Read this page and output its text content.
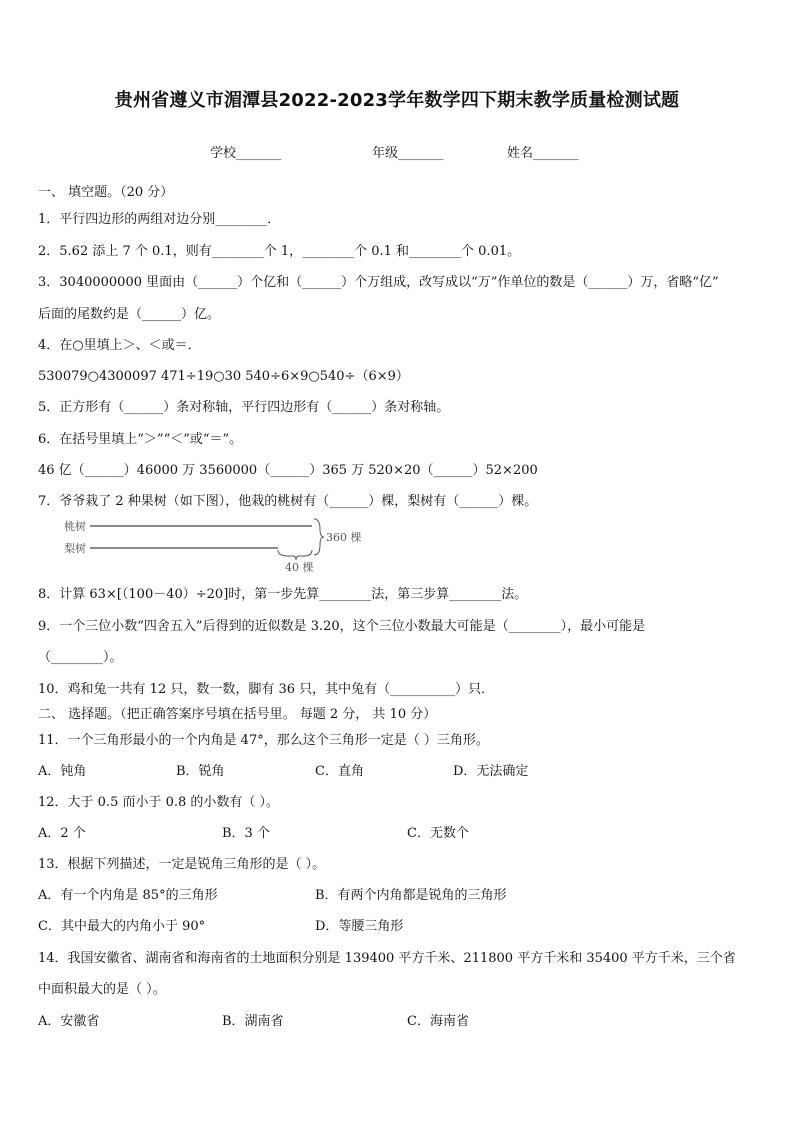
贵州省遵义市湄潭县2022-2023学年数学四下期末教学质量检测试题
学校_______	年级_______	姓名_______
一、 填空题。（20 分）
1．平行四边形的两组对边分别________．
2．5.62 添上 7 个 0.1，则有________个 1，________个 0.1 和________个 0.01。
3．3040000000 里面由（______）个亿和（______）个万组成，改写成以“万”作单位的数是（______）万，省略“亿”
后面的尾数约是（______）亿。
4．在○里填上＞、＜或＝．
530079○4300097 471÷19○30 540÷6×9○540÷（6×9）
5．正方形有（______）条对称轴，平行四边形有（______）条对称轴。
6．在括号里填上“＞”“＜”或“＝”。
46 亿（______）46000 万 3560000（______）365 万 520×20（______）52×200
7．爷爷栽了 2 种果树（如下图），他栽的桃树有（______）棵，梨树有（______）棵。
桃树
梨树
360 棵
40 棵
8．计算 63×[（100－40）÷20]时，第一步先算________法，第三步算________法。
9．一个三位小数“四舍五入”后得到的近似数是 3.20，这个三位小数最大可能是（________），最小可能是
（________）。
10．鸡和兔一共有 12 只，数一数，脚有 36 只，其中兔有（__________）只．
二、 选择题。（把正确答案序号填在括号里。 每题 2 分， 共 10 分）
11．一个三角形最小的一个内角是 47°，那么这个三角形一定是（ ）三角形。
A．钝角	B．锐角	C．直角	D．无法确定
12．大于 0.5 而小于 0.8 的小数有（ ）。
A．2 个	B．3 个	C．无数个
13．根据下列描述，一定是锐角三角形的是（ ）。
A．有一个内角是 85°的三角形	B．有两个内角都是锐角的三角形
C．其中最大的内角小于 90°	D．等腰三角形
14．我国安徽省、湖南省和海南省的土地面积分别是 139400 平方千米、211800 平方千米和 35400 平方千米，三个省
中面积最大的是（ ）。
A．安徽省	B．湖南省	C．海南省
